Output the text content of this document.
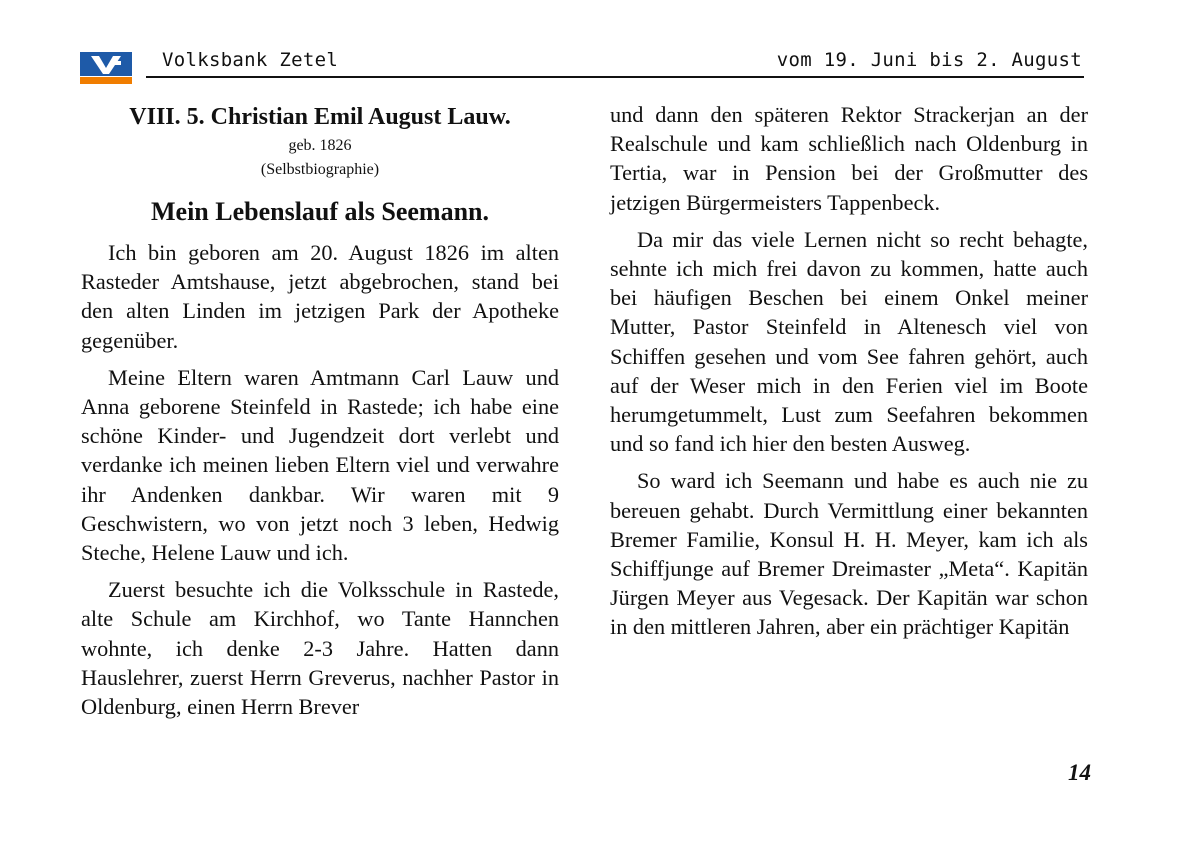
Volksbank Zetel	vom 19. Juni bis 2. August
VIII. 5. Christian Emil August Lauw.
geb. 1826
(Selbstbiographie)
Mein Lebenslauf als Seemann.

Ich bin geboren am 20. August 1826 im alten Rasteder Amtshause, jetzt abgebrochen, stand bei den alten Linden im jetzigen Park der Apotheke gegenüber.

Meine Eltern waren Amtmann Carl Lauw und Anna geborene Steinfeld in Rastede; ich habe eine schöne Kinder- und Jugendzeit dort verlebt und verdanke ich meinen lieben Eltern viel und verwahre ihr Andenken dankbar. Wir waren mit 9 Geschwistern, wo von jetzt noch 3 leben, Hedwig Steche, Helene Lauw und ich.

Zuerst besuchte ich die Volksschule in Rastede, alte Schule am Kirchhof, wo Tante Hannchen wohnte, ich denke 2-3 Jahre. Hatten dann Hauslehrer, zuerst Herrn Greverus, nachher Pastor in Oldenburg, einen Herrn Brever

und dann den späteren Rektor Strackerjan an der Realschule und kam schließlich nach Oldenburg in Tertia, war in Pension bei der Großmutter des jetzigen Bürgermeisters Tappenbeck.

Da mir das viele Lernen nicht so recht behagte, sehnte ich mich frei davon zu kommen, hatte auch bei häufigen Beschen bei einem Onkel meiner Mutter, Pastor Steinfeld in Altenesch viel von Schiffen gesehen und vom See fahren gehört, auch auf der Weser mich in den Ferien viel im Boote herumgetummelt, Lust zum Seefahren bekommen und so fand ich hier den besten Ausweg.

So ward ich Seemann und habe es auch nie zu bereuen gehabt. Durch Vermittlung einer bekannten Bremer Familie, Konsul H. H. Meyer, kam ich als Schiffjunge auf Bremer Dreimaster „Meta“. Kapitän Jürgen Meyer aus Vegesack. Der Kapitän war schon in den mittleren Jahren, aber ein prächtiger Kapitän

14
